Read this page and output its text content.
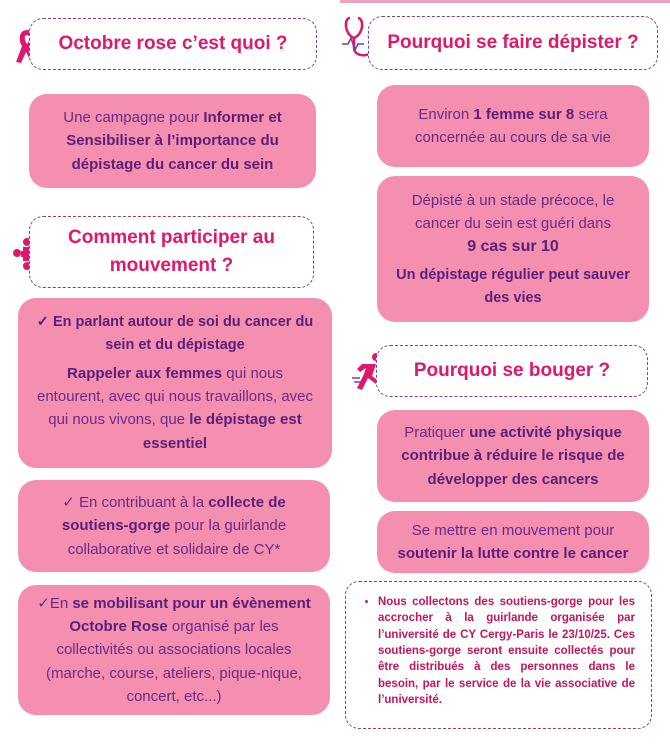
Octobre rose c’est quoi ?

Une campagne pour Informer et Sensibiliser à l’importance du dépistage du cancer du sein

Comment participer au mouvement ?

✓ En parlant autour de soi du cancer du sein et du dépistage

Rappeler aux femmes qui nous entourent, avec qui nous travaillons, avec qui nous vivons, que le dépistage est essentiel

✓ En contribuant à la collecte de soutiens-gorge pour la guirlande collaborative et solidaire de CY*

✓En se mobilisant pour un évènement Octobre Rose organisé par les collectivités ou associations locales (marche, course, ateliers, pique-nique, concert, etc...)

Pourquoi se faire dépister ?

Environ 1 femme sur 8 sera concernée au cours de sa vie

Dépisté à un stade précoce, le cancer du sein est guéri dans

9 cas sur 10

Un dépistage régulier peut sauver des vies

Pourquoi se bouger ?

Pratiquer une activité physique contribue à réduire le risque de développer des cancers

Se mettre en mouvement pour soutenir la lutte contre le cancer

• Nous collectons des soutiens-gorge pour les accrocher à la guirlande organisée par l’université de CY Cergy-Paris le 23/10/25. Ces soutiens-gorge seront ensuite collectés pour être distribués à des personnes dans le besoin, par le service de la vie associative de l’université.
